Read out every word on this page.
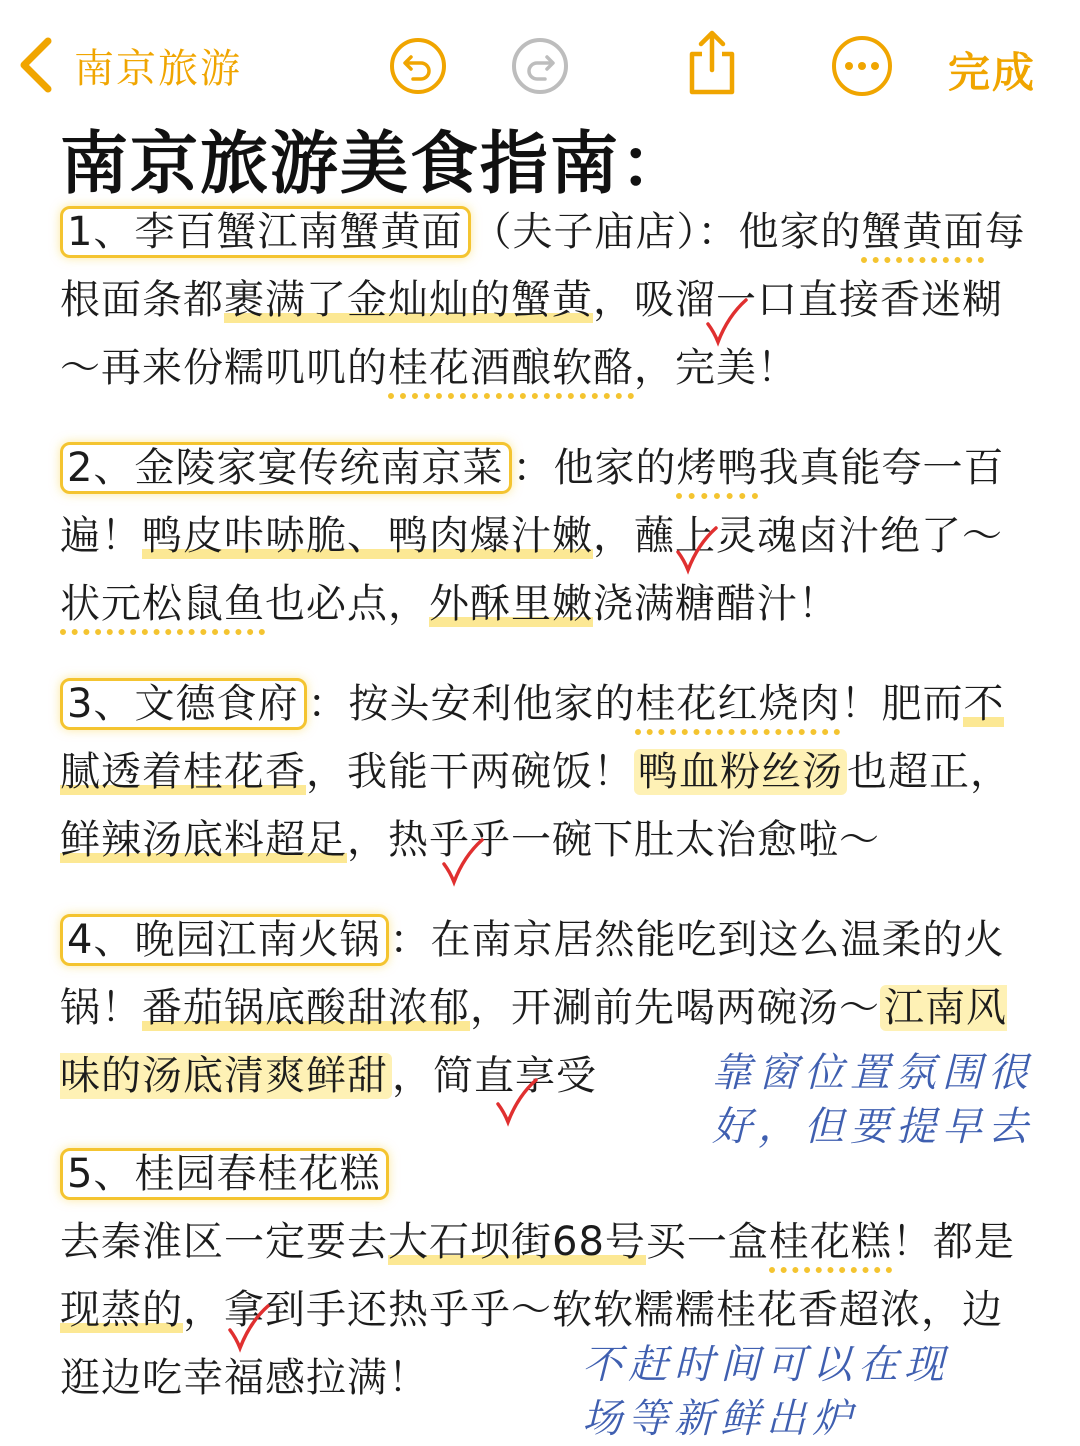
南京旅游	完成
南京旅游美食指南：
1、李百蟹江南蟹黄面 （夫子庙店）：他家的蟹黄面每根面条都裹满了金灿灿的蟹黄，吸溜一口直接香迷糊～再来份糯叽叽的桂花酒酿软酪，完美！
2、金陵家宴传统南京菜 ：他家的烤鸭我真能夸一百遍！鸭皮咔哧脆、鸭肉爆汁嫩，蘸上灵魂卤汁绝了～状元松鼠鱼也必点，外酥里嫩浇满糖醋汁！
3、文德食府 ：按头安利他家的桂花红烧肉！肥而不腻透着桂花香，我能干两碗饭！ 鸭血粉丝汤 也超正，鲜辣汤底料超足，热乎乎一碗下肚太治愈啦～
4、晚园江南火锅 ：在南京居然能吃到这么温柔的火锅！番茄锅底酸甜浓郁，开涮前先喝两碗汤～ 江南风味的汤底清爽鲜甜 ，简直享受	靠窗位置氛围很好，但要提早去
5、桂园春桂花糕
去秦淮区一定要去大石坝街68号买一盒桂花糕！都是现蒸的，拿到手还热乎乎～软软糯糯桂花香超浓，边逛边吃幸福感拉满！	不赶时间可以在现场等新鲜出炉
